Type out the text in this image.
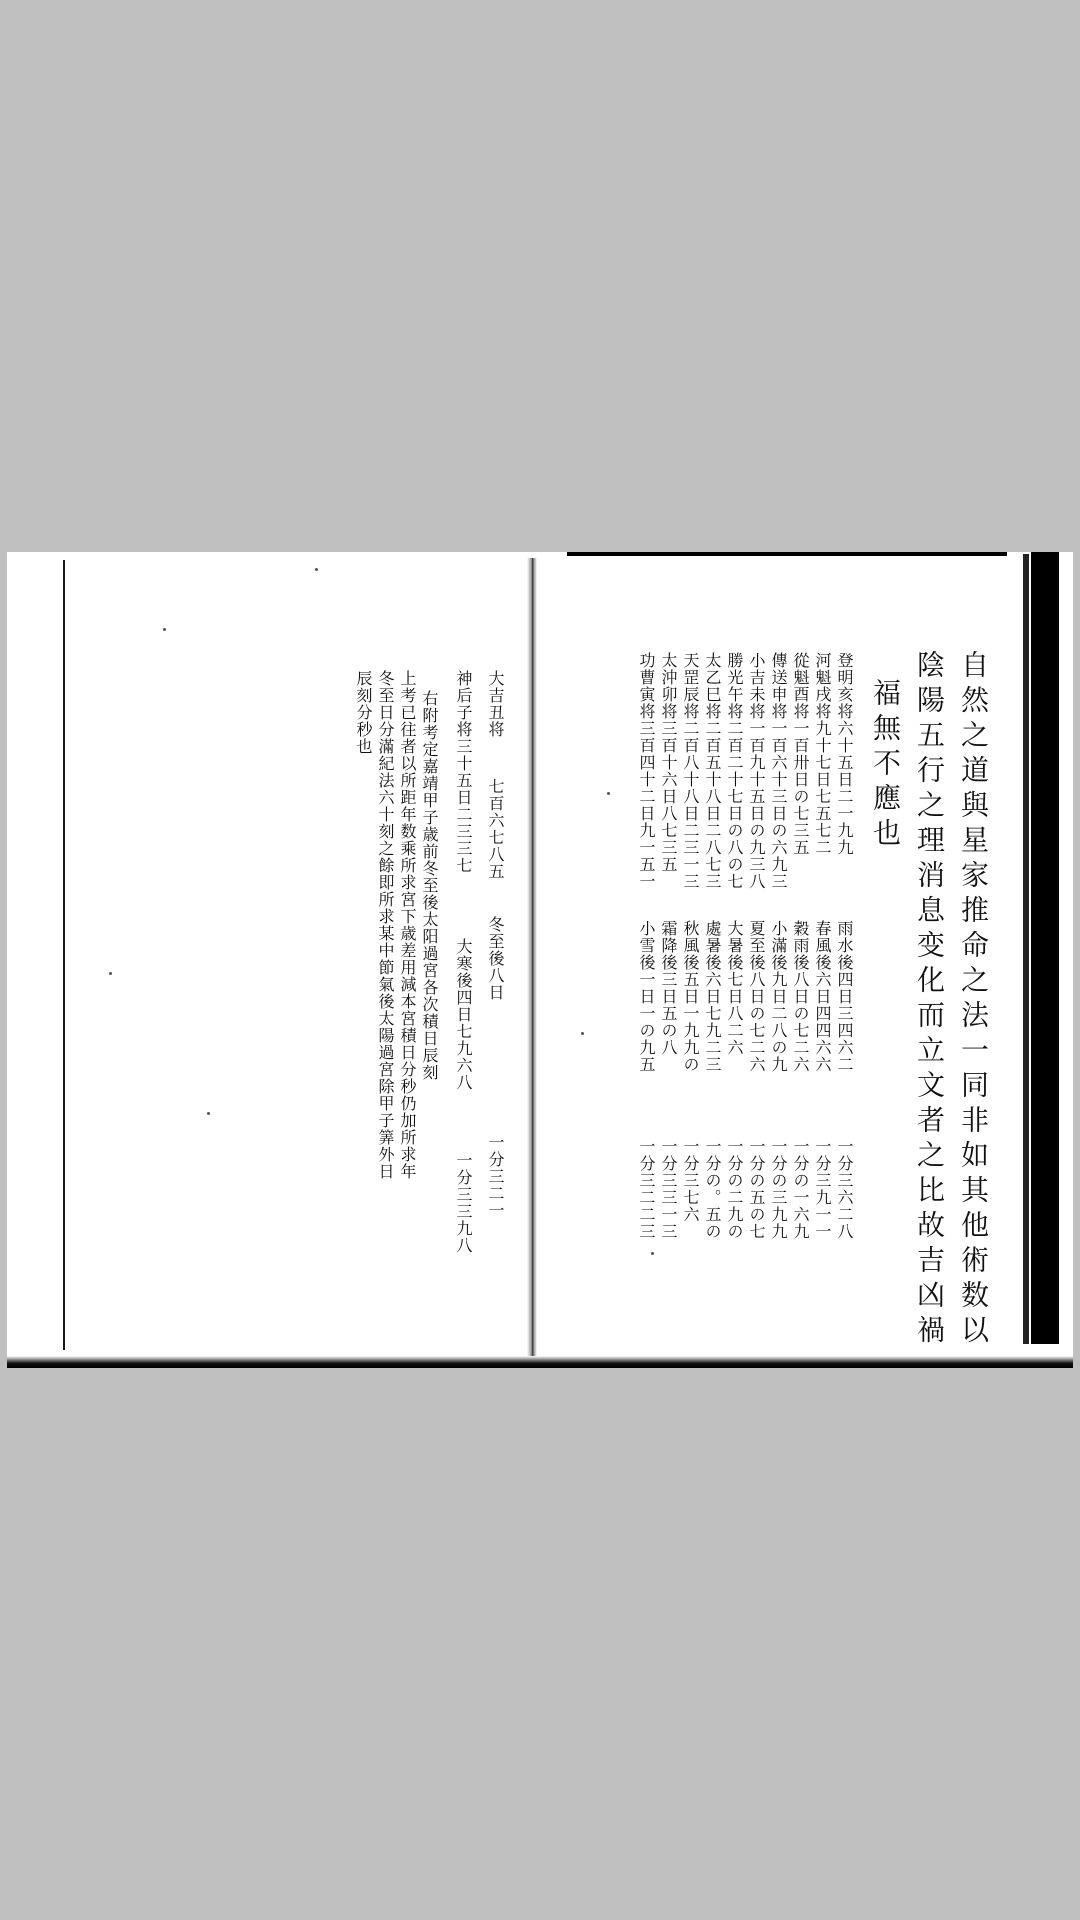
大吉丑将
七百六七八五
冬至後八日
一分三二一
神后子将三十五日二三三七
大寒後四日七九六八
一分三三九八
右附考定嘉靖甲子歳前冬至後太阳過宮各次積日辰刻
上考已往者以所距年数乘所求宮下歳差用減本宮積日分秒仍加所求年
冬至日分滿紀法六十刻之餘即所求某中節氣後太陽過宮除甲子筭外日
辰刻分秒也	自然之道與星家推命之法一同非如其他術数以
陰陽五行之理消息变化而立文者之比故吉凶禍
福無不應也
登明亥将六十五日二一九九
河魁戌将九十七日七五七二
從魁酉将一百卅日の七三五
傳送申将一百六十三日の六九三
小吉未将一百九十五日の九三八
勝光午将二百二十七日の八の七
太乙巳将二百五十八日二八七三
天罡辰将二百八十八日二三一三
太沖卯将三百十六日八七三五
功曹寅将三百四十二日九一五一
雨水後四日三四六二
春風後六日四四六六
穀雨後八日の七二六
小滿後九日二八の九
夏至後八日の七二六
大暑後七日八二六
處暑後六日七九二三
秋風後五日一九九の
霜降後三日五の八
小雪後一日一の九五
一分三六二八
一分三九一一
一分の一六九
一分の三九九
一分の五の七
一分の二九の
一分の。五の
一分三七六
一分三三一三
一分三二二三
